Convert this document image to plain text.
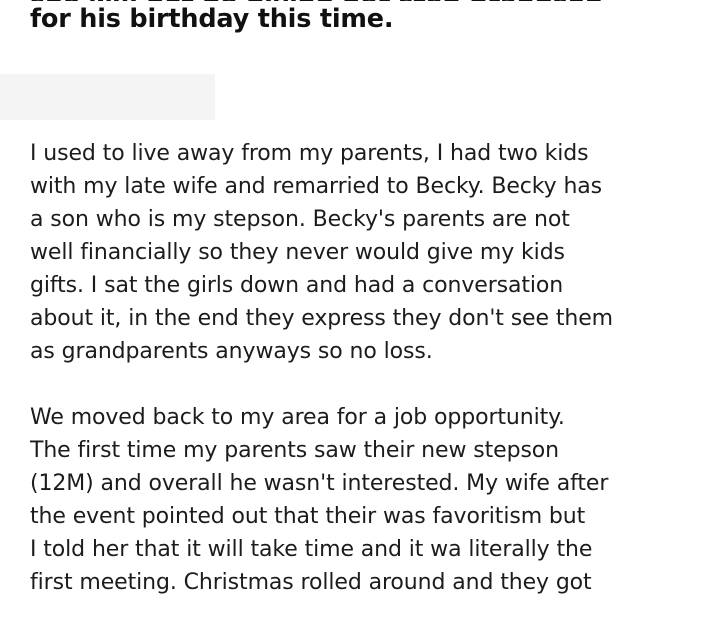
for his birthday this time.

I used to live away from my parents, I had two kids
with my late wife and remarried to Becky. Becky has
a son who is my stepson. Becky's parents are not
well financially so they never would give my kids
gifts. I sat the girls down and had a conversation
about it, in the end they express they don't see them
as grandparents anyways so no loss.

We moved back to my area for a job opportunity.
The first time my parents saw their new stepson
(12M) and overall he wasn't interested. My wife after
the event pointed out that their was favoritism but
I told her that it will take time and it wa literally the
first meeting. Christmas rolled around and they got
